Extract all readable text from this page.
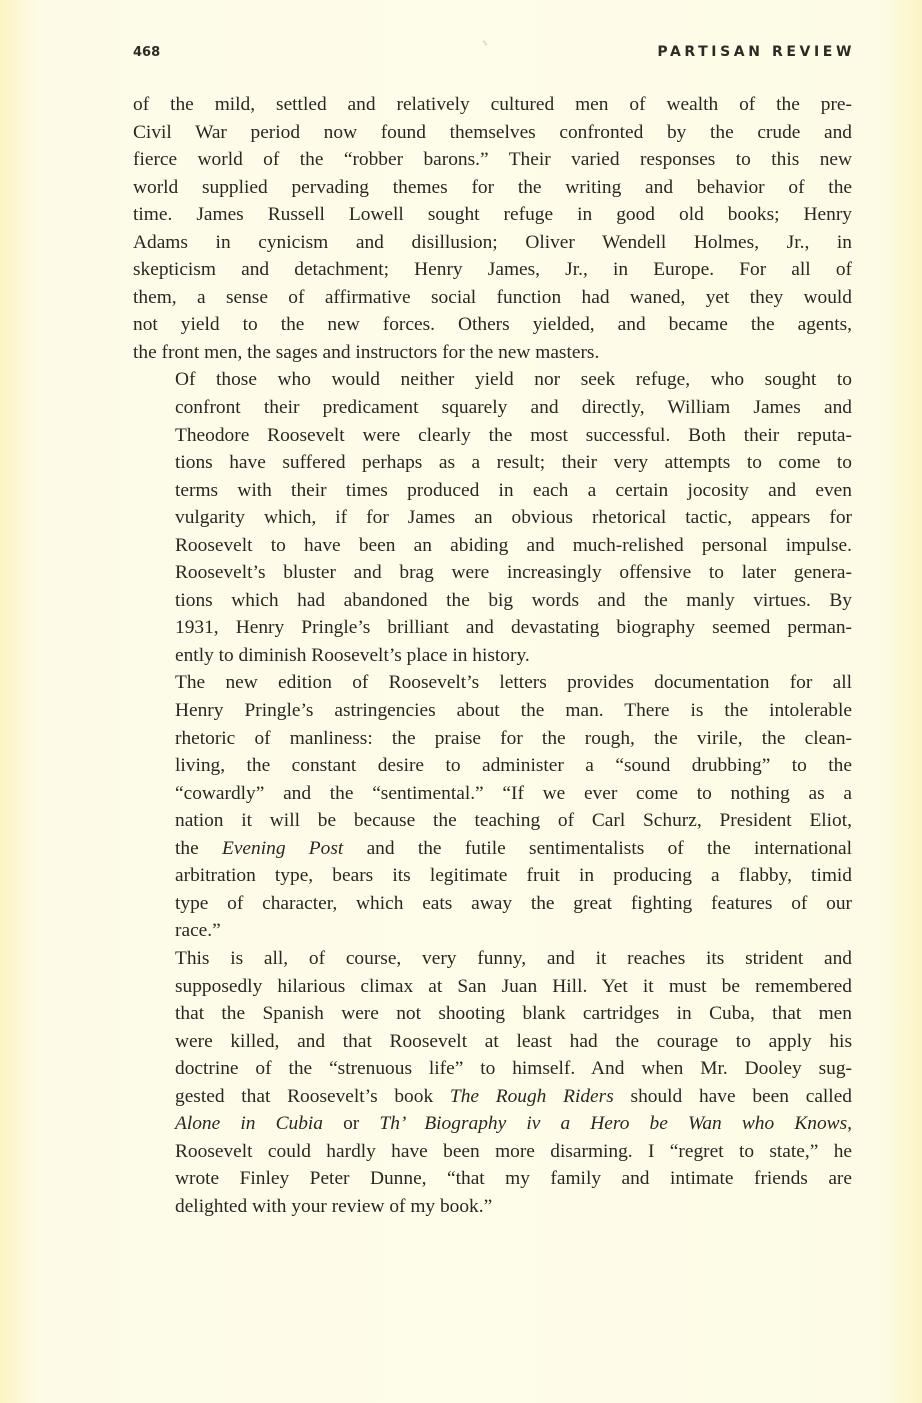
468	PARTISAN REVIEW

of the mild, settled and relatively cultured men of wealth of the pre-
Civil War period now found themselves confronted by the crude and
fierce world of the “robber barons.” Their varied responses to this new
world supplied pervading themes for the writing and behavior of the
time. James Russell Lowell sought refuge in good old books; Henry
Adams in cynicism and disillusion; Oliver Wendell Holmes, Jr., in
skepticism and detachment; Henry James, Jr., in Europe. For all of
them, a sense of affirmative social function had waned, yet they would
not yield to the new forces. Others yielded, and became the agents,
the front men, the sages and instructors for the new masters.

Of those who would neither yield nor seek refuge, who sought to
confront their predicament squarely and directly, William James and
Theodore Roosevelt were clearly the most successful. Both their reputa-
tions have suffered perhaps as a result; their very attempts to come to
terms with their times produced in each a certain jocosity and even
vulgarity which, if for James an obvious rhetorical tactic, appears for
Roosevelt to have been an abiding and much-relished personal impulse.
Roosevelt’s bluster and brag were increasingly offensive to later genera-
tions which had abandoned the big words and the manly virtues. By
1931, Henry Pringle’s brilliant and devastating biography seemed perman-
ently to diminish Roosevelt’s place in history.

The new edition of Roosevelt’s letters provides documentation for all
Henry Pringle’s astringencies about the man. There is the intolerable
rhetoric of manliness: the praise for the rough, the virile, the clean-
living, the constant desire to administer a “sound drubbing” to the
“cowardly” and the “sentimental.” “If we ever come to nothing as a
nation it will be because the teaching of Carl Schurz, President Eliot,
the Evening Post and the futile sentimentalists of the international
arbitration type, bears its legitimate fruit in producing a flabby, timid
type of character, which eats away the great fighting features of our
race.”

This is all, of course, very funny, and it reaches its strident and
supposedly hilarious climax at San Juan Hill. Yet it must be remembered
that the Spanish were not shooting blank cartridges in Cuba, that men
were killed, and that Roosevelt at least had the courage to apply his
doctrine of the “strenuous life” to himself. And when Mr. Dooley sug-
gested that Roosevelt’s book The Rough Riders should have been called
Alone in Cubia or Th’ Biography iv a Hero be Wan who Knows,
Roosevelt could hardly have been more disarming. I “regret to state,” he
wrote Finley Peter Dunne, “that my family and intimate friends are
delighted with your review of my book.”
